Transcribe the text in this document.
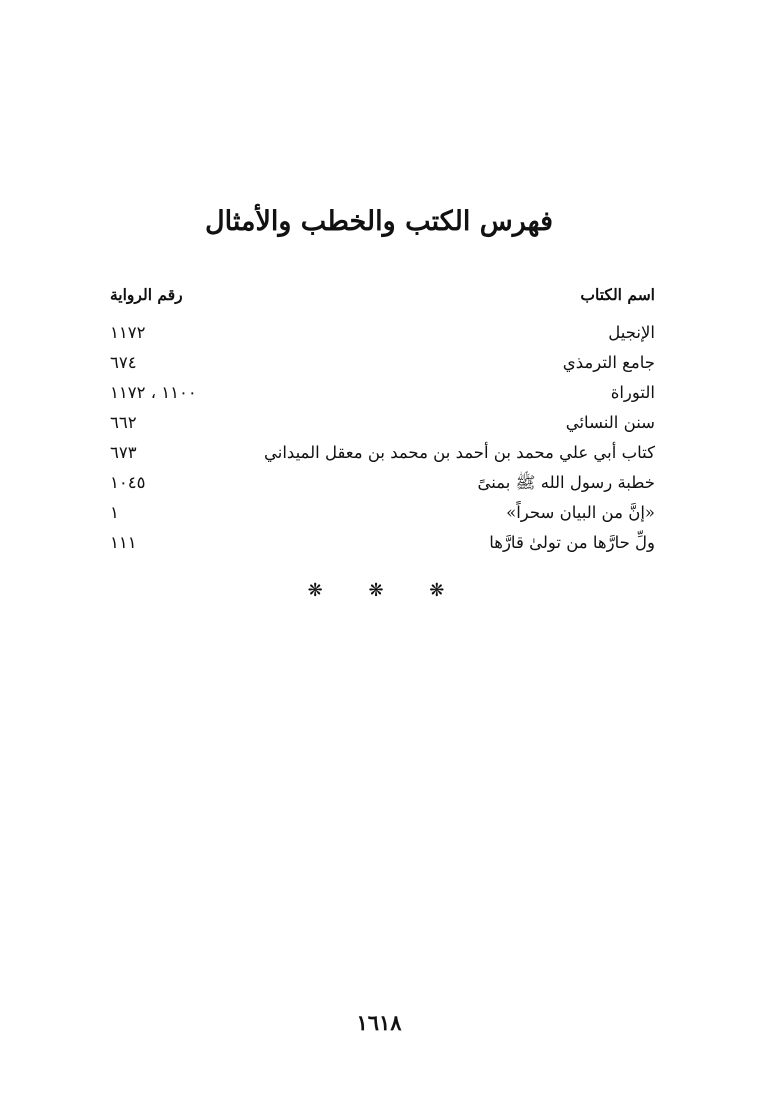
فهرس الكتب والخطب والأمثال
اسم الكتاب
رقم الرواية
الإنجيل
١١٧٢
جامع الترمذي
٦٧٤
التوراة
١١٠٠ ، ١١٧٢
سنن النسائي
٦٦٢
كتاب أبي علي محمد بن أحمد بن محمد بن معقل الميداني
٦٧٣
خطبة رسول الله ﷺ بمنىً
١٠٤٥
«إنَّ من البيان سحراً»
١
ولِّ حارَّها من تولىٰ قارَّها
١١١
❋ ❋ ❋
١٦١٨
